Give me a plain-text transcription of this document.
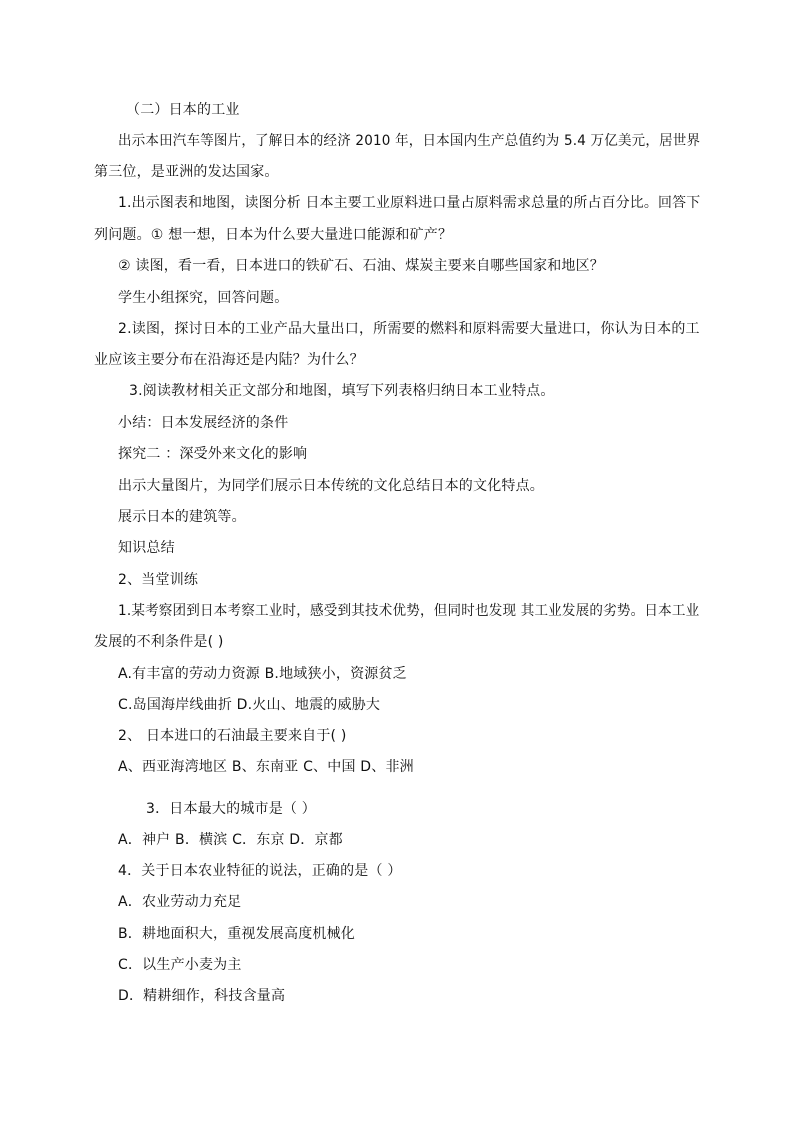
（二）日本的工业
出示本田汽车等图片，了解日本的经济 2010 年，日本国内生产总值约为 5.4 万亿美元，居世界
第三位，是亚洲的发达国家。
1.出示图表和地图，读图分析 日本主要工业原料进口量占原料需求总量的所占百分比。回答下
列问题。① 想一想，日本为什么要大量进口能源和矿产？
② 读图，看一看，日本进口的铁矿石、石油、煤炭主要来自哪些国家和地区？
学生小组探究，回答问题。
2.读图，探讨日本的工业产品大量出口，所需要的燃料和原料需要大量进口，你认为日本的工
业应该主要分布在沿海还是内陆？为什么？
3.阅读教材相关正文部分和地图，填写下列表格归纳日本工业特点。
小结：日本发展经济的条件
探究二 ：深受外来文化的影响
出示大量图片，为同学们展示日本传统的文化总结日本的文化特点。
展示日本的建筑等。
知识总结
2、当堂训练
1.某考察团到日本考察工业时，感受到其技术优势，但同时也发现 其工业发展的劣势。日本工业
发展的不利条件是( )
A.有丰富的劳动力资源 B.地域狭小，资源贫乏
C.岛国海岸线曲折 D.火山、地震的威胁大
2、 日本进口的石油最主要来自于( )
A、西亚海湾地区 B、东南亚 C、中国 D、非洲
3．日本最大的城市是（ ）
A．神户 B．横滨 C．东京 D．京都
4．关于日本农业特征的说法，正确的是（ ）
A．农业劳动力充足
B．耕地面积大，重视发展高度机械化
C．以生产小麦为主
D．精耕细作，科技含量高
